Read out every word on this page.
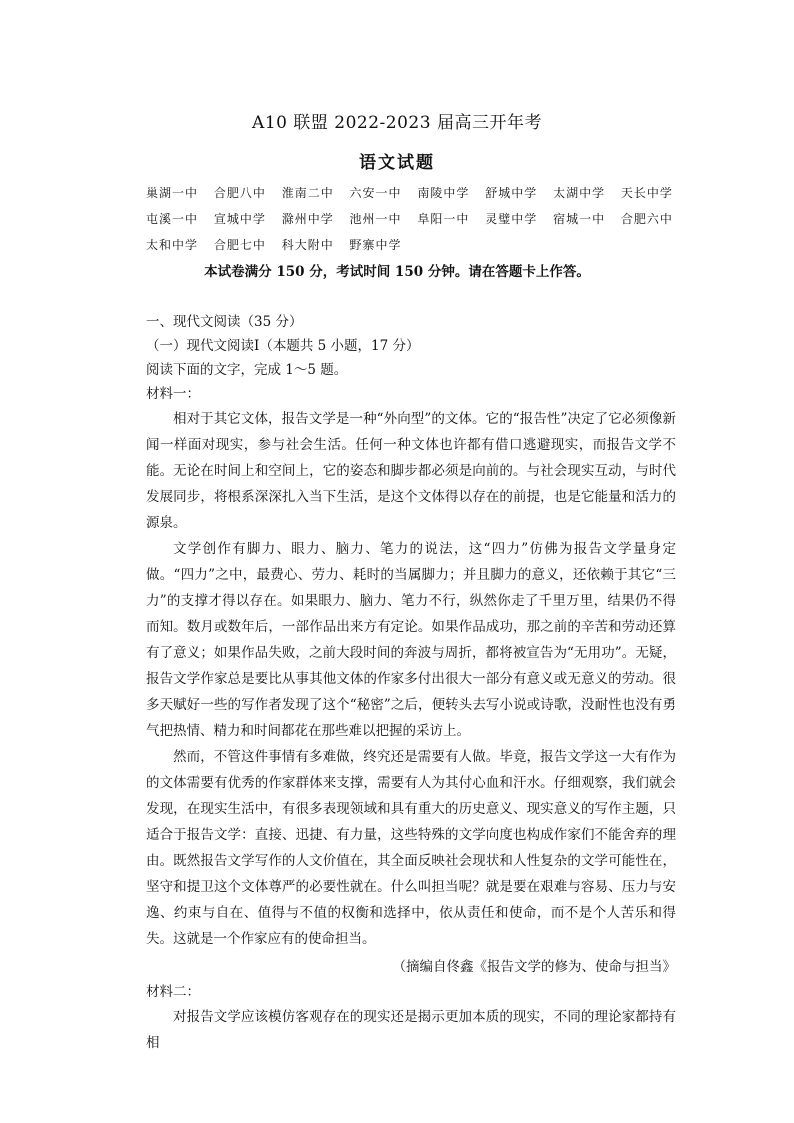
A10 联盟 2022-2023 届高三开年考
语文试题
巢湖一中 合肥八中 淮南二中 六安一中 南陵中学 舒城中学 太湖中学 天长中学
屯溪一中 宣城中学 滁州中学 池州一中 阜阳一中 灵璧中学 宿城一中 合肥六中
太和中学 合肥七中 科大附中 野寨中学
本试卷满分 150 分，考试时间 150 分钟。请在答题卡上作答。

一、现代文阅读（35 分）

（一）现代文阅读Ⅰ（本题共 5 小题，17 分）

阅读下面的文字，完成 1～5 题。

材料一：

相对于其它文体，报告文学是一种“外向型”的文体。它的“报告性”决定了它必须像新闻一样面对现实，参与社会生活。任何一种文体也许都有借口逃避现实，而报告文学不能。无论在时间上和空间上，它的姿态和脚步都必须是向前的。与社会现实互动，与时代发展同步，将根系深深扎入当下生活，是这个文体得以存在的前提，也是它能量和活力的源泉。

文学创作有脚力、眼力、脑力、笔力的说法，这“四力”仿佛为报告文学量身定做。“四力”之中，最费心、劳力、耗时的当属脚力；并且脚力的意义，还依赖于其它“三力”的支撑才得以存在。如果眼力、脑力、笔力不行，纵然你走了千里万里，结果仍不得而知。数月或数年后，一部作品出来方有定论。如果作品成功，那之前的辛苦和劳动还算有了意义；如果作品失败，之前大段时间的奔波与周折，都将被宣告为“无用功”。无疑，报告文学作家总是要比从事其他文体的作家多付出很大一部分有意义或无意义的劳动。很多天赋好一些的写作者发现了这个“秘密”之后，便转头去写小说或诗歌，没耐性也没有勇气把热情、精力和时间都花在那些难以把握的采访上。

然而，不管这件事情有多难做，终究还是需要有人做。毕竟，报告文学这一大有作为的文体需要有优秀的作家群体来支撑，需要有人为其付心血和汗水。仔细观察，我们就会发现，在现实生活中，有很多表现领域和具有重大的历史意义、现实意义的写作主题，只适合于报告文学：直接、迅捷、有力量，这些特殊的文学向度也构成作家们不能舍弃的理由。既然报告文学写作的人文价值在，其全面反映社会现状和人性复杂的文学可能性在，坚守和提卫这个文体尊严的必要性就在。什么叫担当呢？就是要在艰难与容易、压力与安逸、约束与自在、值得与不值的权衡和选择中，依从责任和使命，而不是个人苦乐和得失。这就是一个作家应有的使命担当。

（摘编自佟鑫《报告文学的修为、使命与担当》

材料二：

对报告文学应该模仿客观存在的现实还是揭示更加本质的现实，不同的理论家都持有相
